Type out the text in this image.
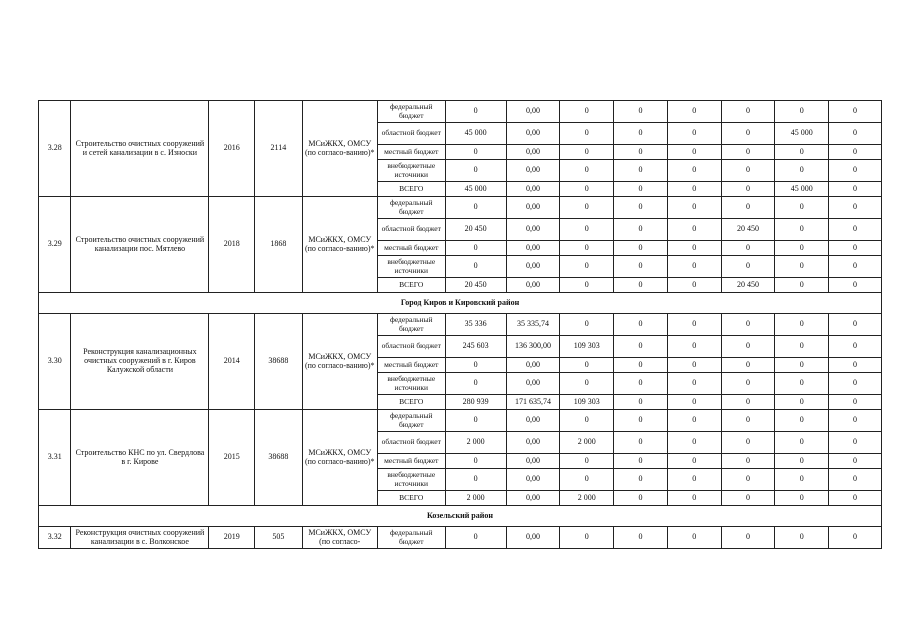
3.28	Строительство очистных сооружений и сетей канализации в с. Износки	2016	2114	МСиЖКХ, ОМСУ (по согласо-ванию)*	федеральный бюджет	0	0,00	0	0	0	0	0	0
					областной бюджет	45 000	0,00	0	0	0	0	45 000	0
					местный бюджет	0	0,00	0	0	0	0	0	0
					внебюджетные источники	0	0,00	0	0	0	0	0	0
					ВСЕГО	45 000	0,00	0	0	0	0	45 000	0
3.29	Строительство очистных сооружений канализации пос. Мятлево	2018	1868	МСиЖКХ, ОМСУ (по согласо-ванию)*	федеральный бюджет	0	0,00	0	0	0	0	0	0
					областной бюджет	20 450	0,00	0	0	0	20 450	0	0
					местный бюджет	0	0,00	0	0	0	0	0	0
					внебюджетные источники	0	0,00	0	0	0	0	0	0
					ВСЕГО	20 450	0,00	0	0	0	20 450	0	0
Город Киров и Кировский район													
3.30	Реконструкция канализационных очистных сооружений в г. Киров Калужской области	2014	38688	МСиЖКХ, ОМСУ (по согласо-ванию)*	федеральный бюджет	35 336	35 335,74	0	0	0	0	0	0
					областной бюджет	245 603	136 300,00	109 303	0	0	0	0	0
					местный бюджет	0	0,00	0	0	0	0	0	0
					внебюджетные источники	0	0,00	0	0	0	0	0	0
					ВСЕГО	280 939	171 635,74	109 303	0	0	0	0	0
3.31	Строительство КНС по ул. Свердлова в г. Кирове	2015	38688	МСиЖКХ, ОМСУ (по согласо-ванию)*	федеральный бюджет	0	0,00	0	0	0	0	0	0
					областной бюджет	2 000	0,00	2 000	0	0	0	0	0
					местный бюджет	0	0,00	0	0	0	0	0	0
					внебюджетные источники	0	0,00	0	0	0	0	0	0
					ВСЕГО	2 000	0,00	2 000	0	0	0	0	0
Козельский район													
3.32	Реконструкция очистных сооружений канализации в с. Волконское	2019	505	МСиЖКХ, ОМСУ (по согласо-	федеральный бюджет	0	0,00	0	0	0	0	0	0
